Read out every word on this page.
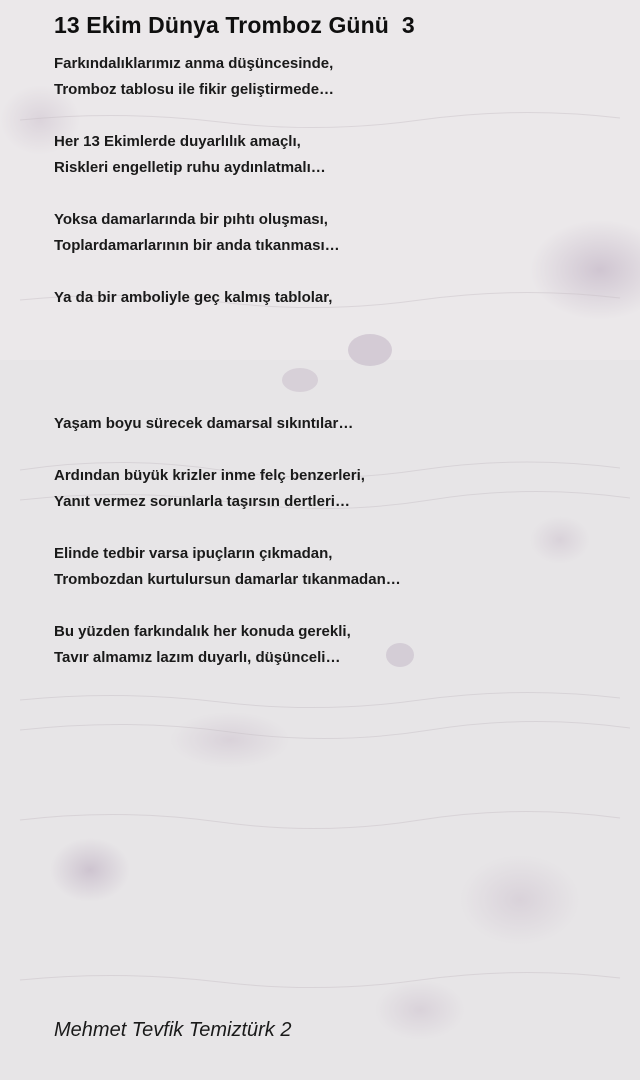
13 Ekim Dünya Tromboz Günü  3

Farkındalıklarımız anma düşüncesinde,

Tromboz tablosu ile fikir geliştirmede…

Her 13 Ekimlerde duyarlılık amaçlı,

Riskleri engelletip ruhu aydınlatmalı…

Yoksa damarlarında bir pıhtı oluşması,

Toplardamarlarının bir anda tıkanması…

Ya da bir amboliyle geç kalmış tablolar,

Yaşam boyu sürecek damarsal sıkıntılar…

Ardından büyük krizler inme felç benzerleri,

Yanıt vermez sorunlarla taşırsın dertleri…

Elinde tedbir varsa ipuçların çıkmadan,

Trombozdan kurtulursun damarlar tıkanmadan…

Bu yüzden farkındalık her konuda gerekli,

Tavır almamız lazım duyarlı, düşünceli…

Mehmet Tevfik Temiztürk 2
